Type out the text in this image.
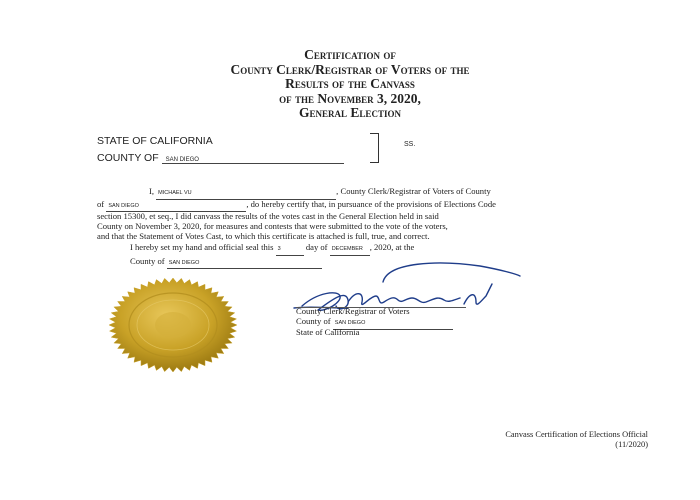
Certification of
County Clerk/Registrar of Voters of the
Results of the Canvass
of the November 3, 2020,
General Election
STATE OF CALIFORNIA
COUNTY OF SAN DIEGO
SS.
I, MICHAEL VU	, County Clerk/Registrar of Voters of County
of SAN DIEGO	, do hereby certify that, in pursuance of the provisions of Elections Code
section 15300, et seq., I did canvass the results of the votes cast in the General Election held in said
County on November 3, 2020, for measures and contests that were submitted to the vote of the voters,
and that the Statement of Votes Cast, to which this certificate is attached is full, true, and correct.
I hereby set my hand and official seal this 3	day of DECEMBER , 2020, at the
County of SAN DIEGO
County Clerk/Registrar of Voters
County of SAN DIEGO
State of California
Canvass Certification of Elections Official
(11/2020)
